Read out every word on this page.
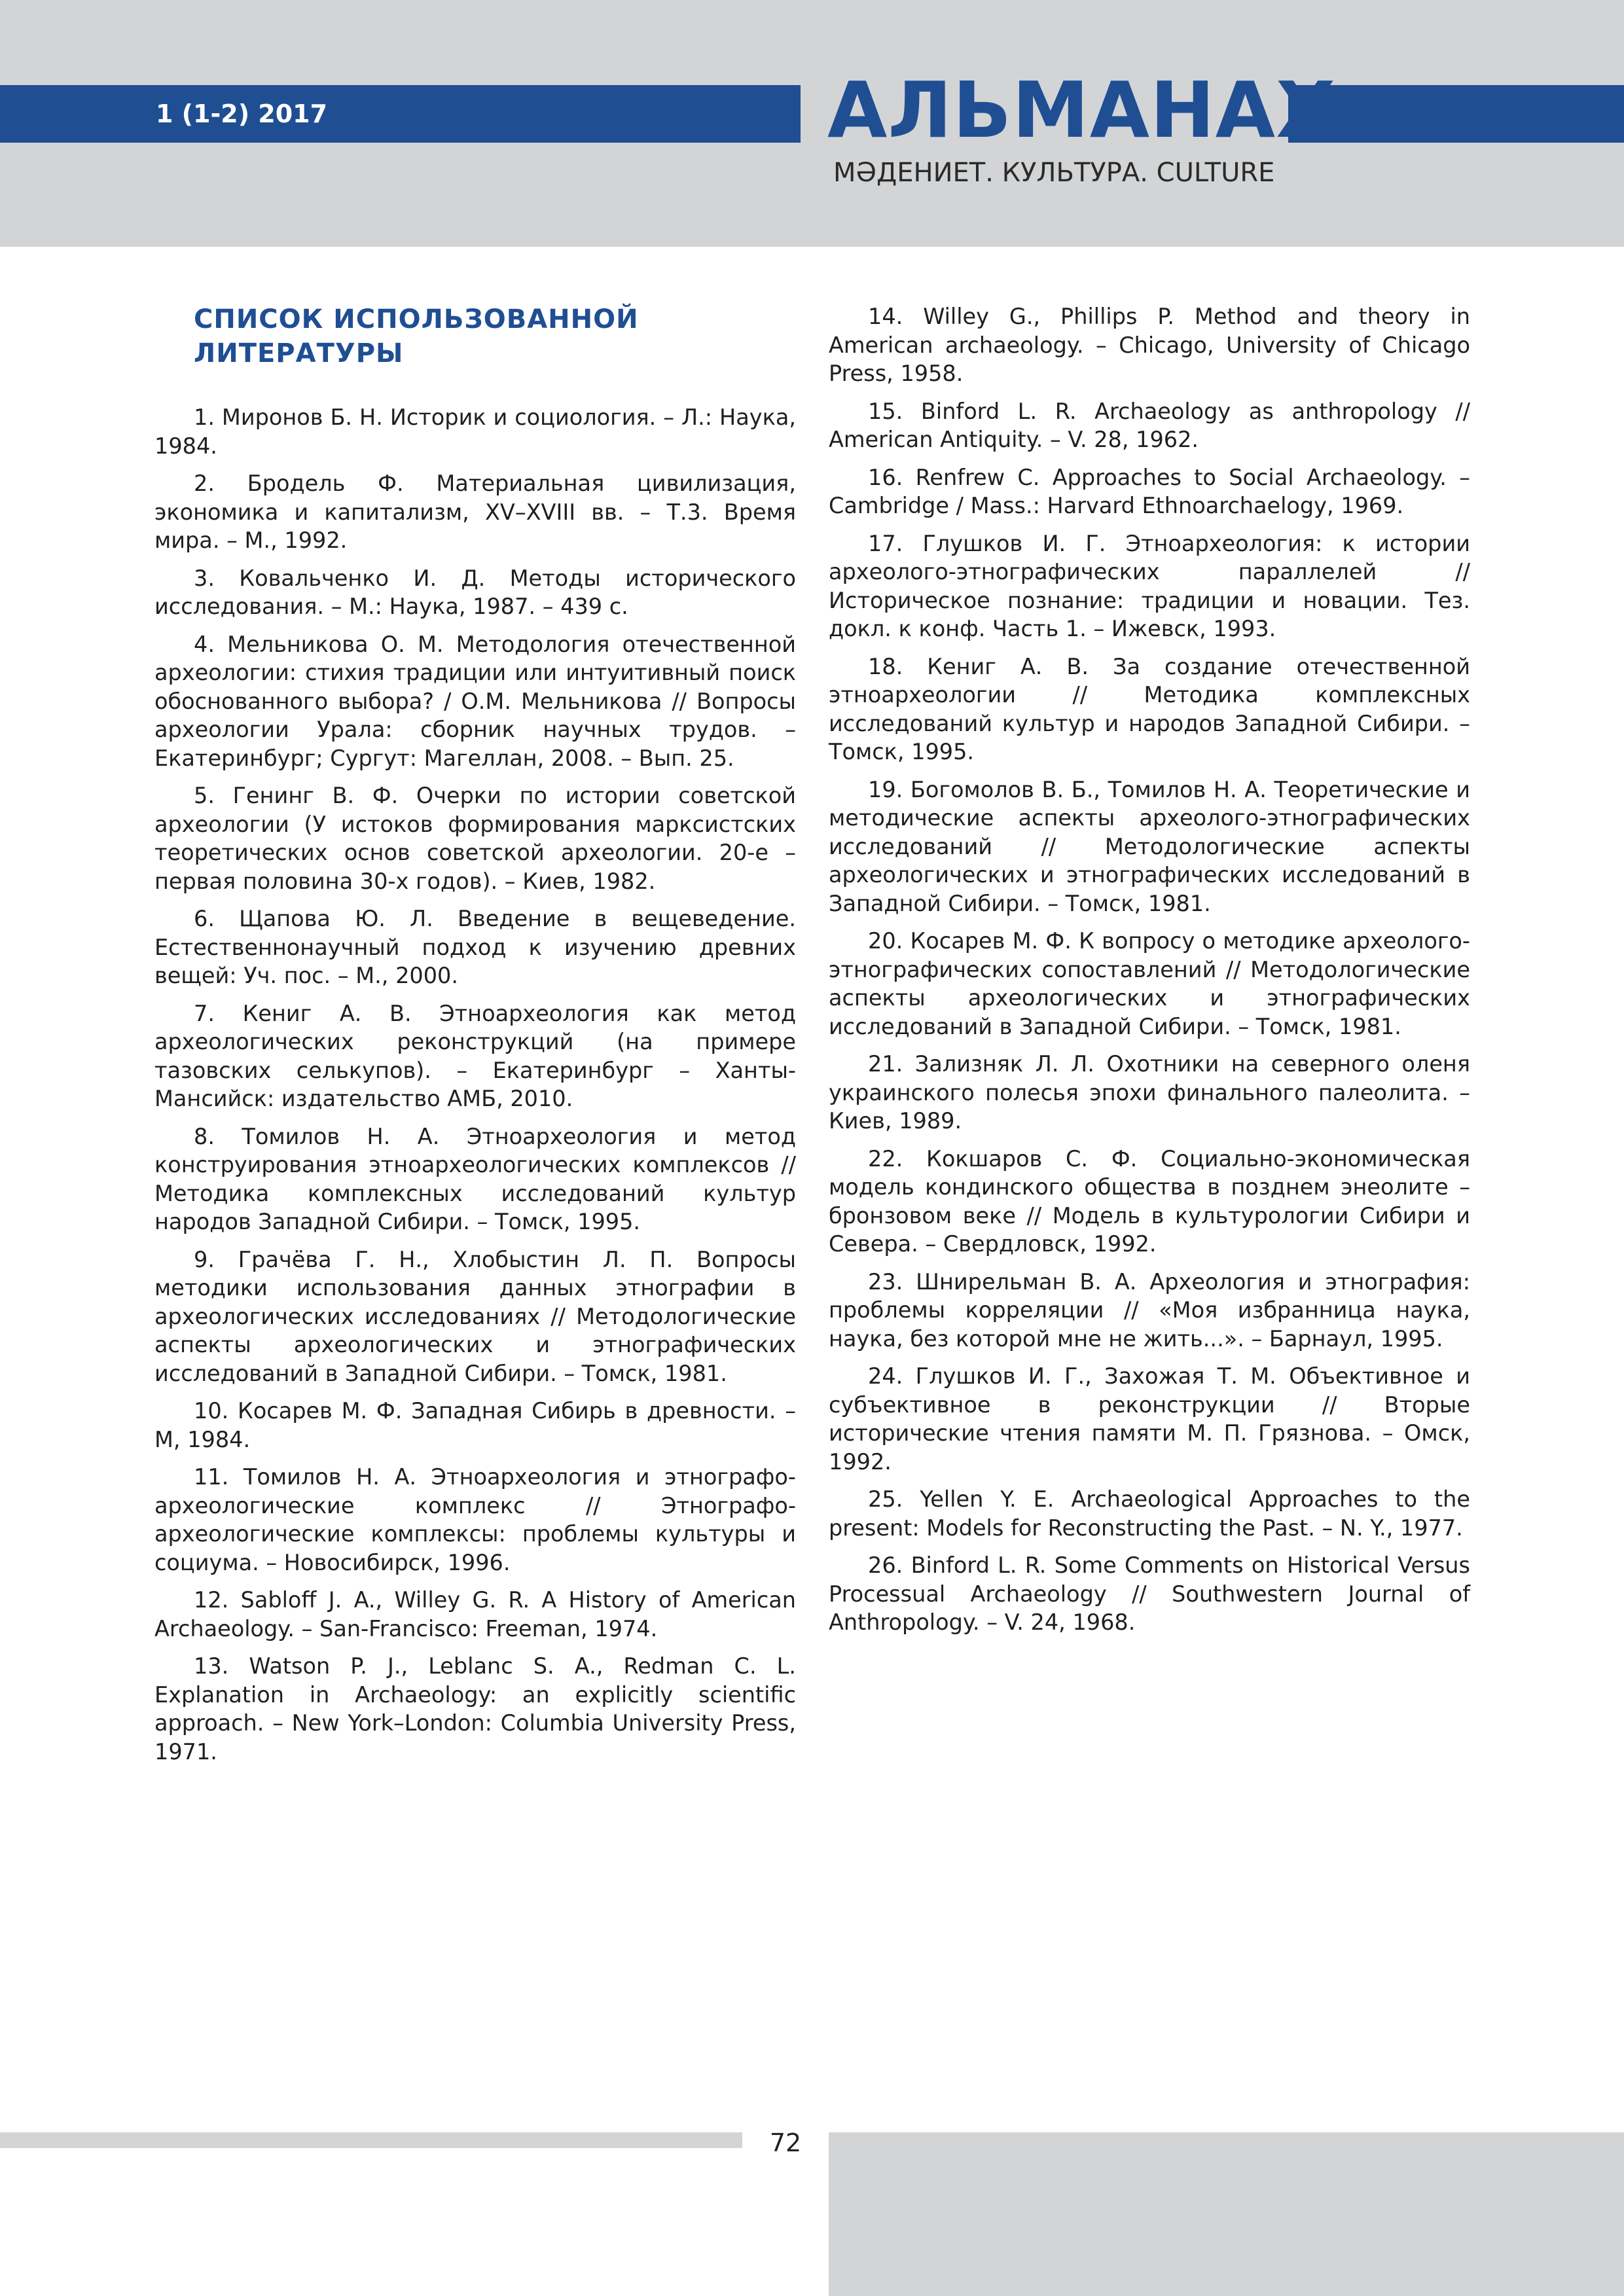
1 (1-2) 2017	АЛЬМАНАХ
МӘДЕНИЕТ. КУЛЬТУРА. CULTURE
СПИСОК ИСПОЛЬЗОВАННОЙ ЛИТЕРАТУРЫ

1. Миронов Б. Н. Историк и социология. – Л.: Наука, 1984.

2. Бродель Ф. Материальная цивилизация, экономика и капитализм, XV–XVIII вв. – Т.3. Время мира. – М., 1992.

3. Ковальченко И. Д. Методы исторического исследования. – М.: Наука, 1987. – 439 с.

4. Мельникова О. М. Методология отечественной археологии: стихия традиции или интуитивный поиск обоснованного выбора? / О.М. Мельникова // Вопросы археологии Урала: сборник научных трудов. – Екатеринбург; Сургут: Магеллан, 2008. – Вып. 25.

5. Генинг В. Ф. Очерки по истории советской археологии (У истоков формирования марксистских теоретических основ советской археологии. 20-е – первая половина 30-х годов). – Киев, 1982.

6. Щапова Ю. Л. Введение в вещеведение. Естественнонаучный подход к изучению древних вещей: Уч. пос. – М., 2000.

7. Кениг А. В. Этноархеология как метод археологических реконструкций (на примере тазовских селькупов). – Екатеринбург – Ханты-Мансийск: издательство АМБ, 2010.

8. Томилов Н. А. Этноархеология и метод конструирования этноархеологических комплексов // Методика комплексных исследований культур народов Западной Сибири. – Томск, 1995.

9. Грачёва Г. Н., Хлобыстин Л. П. Вопросы методики использования данных этнографии в археологических исследованиях // Методологические аспекты археологических и этнографических исследований в Западной Сибири. – Томск, 1981.

10. Косарев М. Ф. Западная Сибирь в древности. – М, 1984.

11. Томилов Н. А. Этноархеология и этнографо-археологические комплекс // Этнографо-археологические комплексы: проблемы культуры и социума. – Новосибирск, 1996.

12. Sabloff J. A., Willey G. R. A History of American Archaeology. – San-Francisco: Freeman, 1974.

13. Watson P. J., Leblanc S. A., Redman C. L. Explanation in Archaeology: an explicitly scientific approach. – New York–London: Columbia University Press, 1971.

14. Willey G., Phillips P. Method and theory in American archaeology. – Chicago, University of Chicago Press, 1958.

15. Binford L. R. Archaeology as anthropology // American Antiquity. – V. 28, 1962.

16. Renfrew C. Approaches to Social Archaeology. – Cambridge / Mass.: Harvard Ethnoarchaelogy, 1969.

17. Глушков И. Г. Этноархеология: к истории археолого-этнографических параллелей // Историческое познание: традиции и новации. Тез. докл. к конф. Часть 1. – Ижевск, 1993.

18. Кениг А. В. За создание отечественной этноархеологии // Методика комплексных исследований культур и народов Западной Сибири. – Томск, 1995.

19. Богомолов В. Б., Томилов Н. А. Теоретические и методические аспекты археолого-этнографических исследований // Методологические аспекты археологических и этнографических исследований в Западной Сибири. – Томск, 1981.

20. Косарев М. Ф. К вопросу о методике археолого-этнографических сопоставлений // Методологические аспекты археологических и этнографических исследований в Западной Сибири. – Томск, 1981.

21. Зализняк Л. Л. Охотники на северного оленя украинского полесья эпохи финального палеолита. – Киев, 1989.

22. Кокшаров С. Ф. Социально-экономическая модель кондинского общества в позднем энеолите – бронзовом веке // Модель в культурологии Сибири и Севера. – Свердловск, 1992.

23. Шнирельман В. А. Археология и этнография: проблемы корреляции // «Моя избранница наука, наука, без которой мне не жить...». – Барнаул, 1995.

24. Глушков И. Г., Захожая Т. М. Объективное и субъективное в реконструкции // Вторые исторические чтения памяти М. П. Грязнова. – Омск, 1992.

25. Yellen Y. E. Archaeological Approaches to the present: Models for Reconstructing the Past. – N. Y., 1977.

26. Binford L. R. Some Comments on Historical Versus Processual Archaeology // Southwestern Journal of Anthropology. – V. 24, 1968.

72
